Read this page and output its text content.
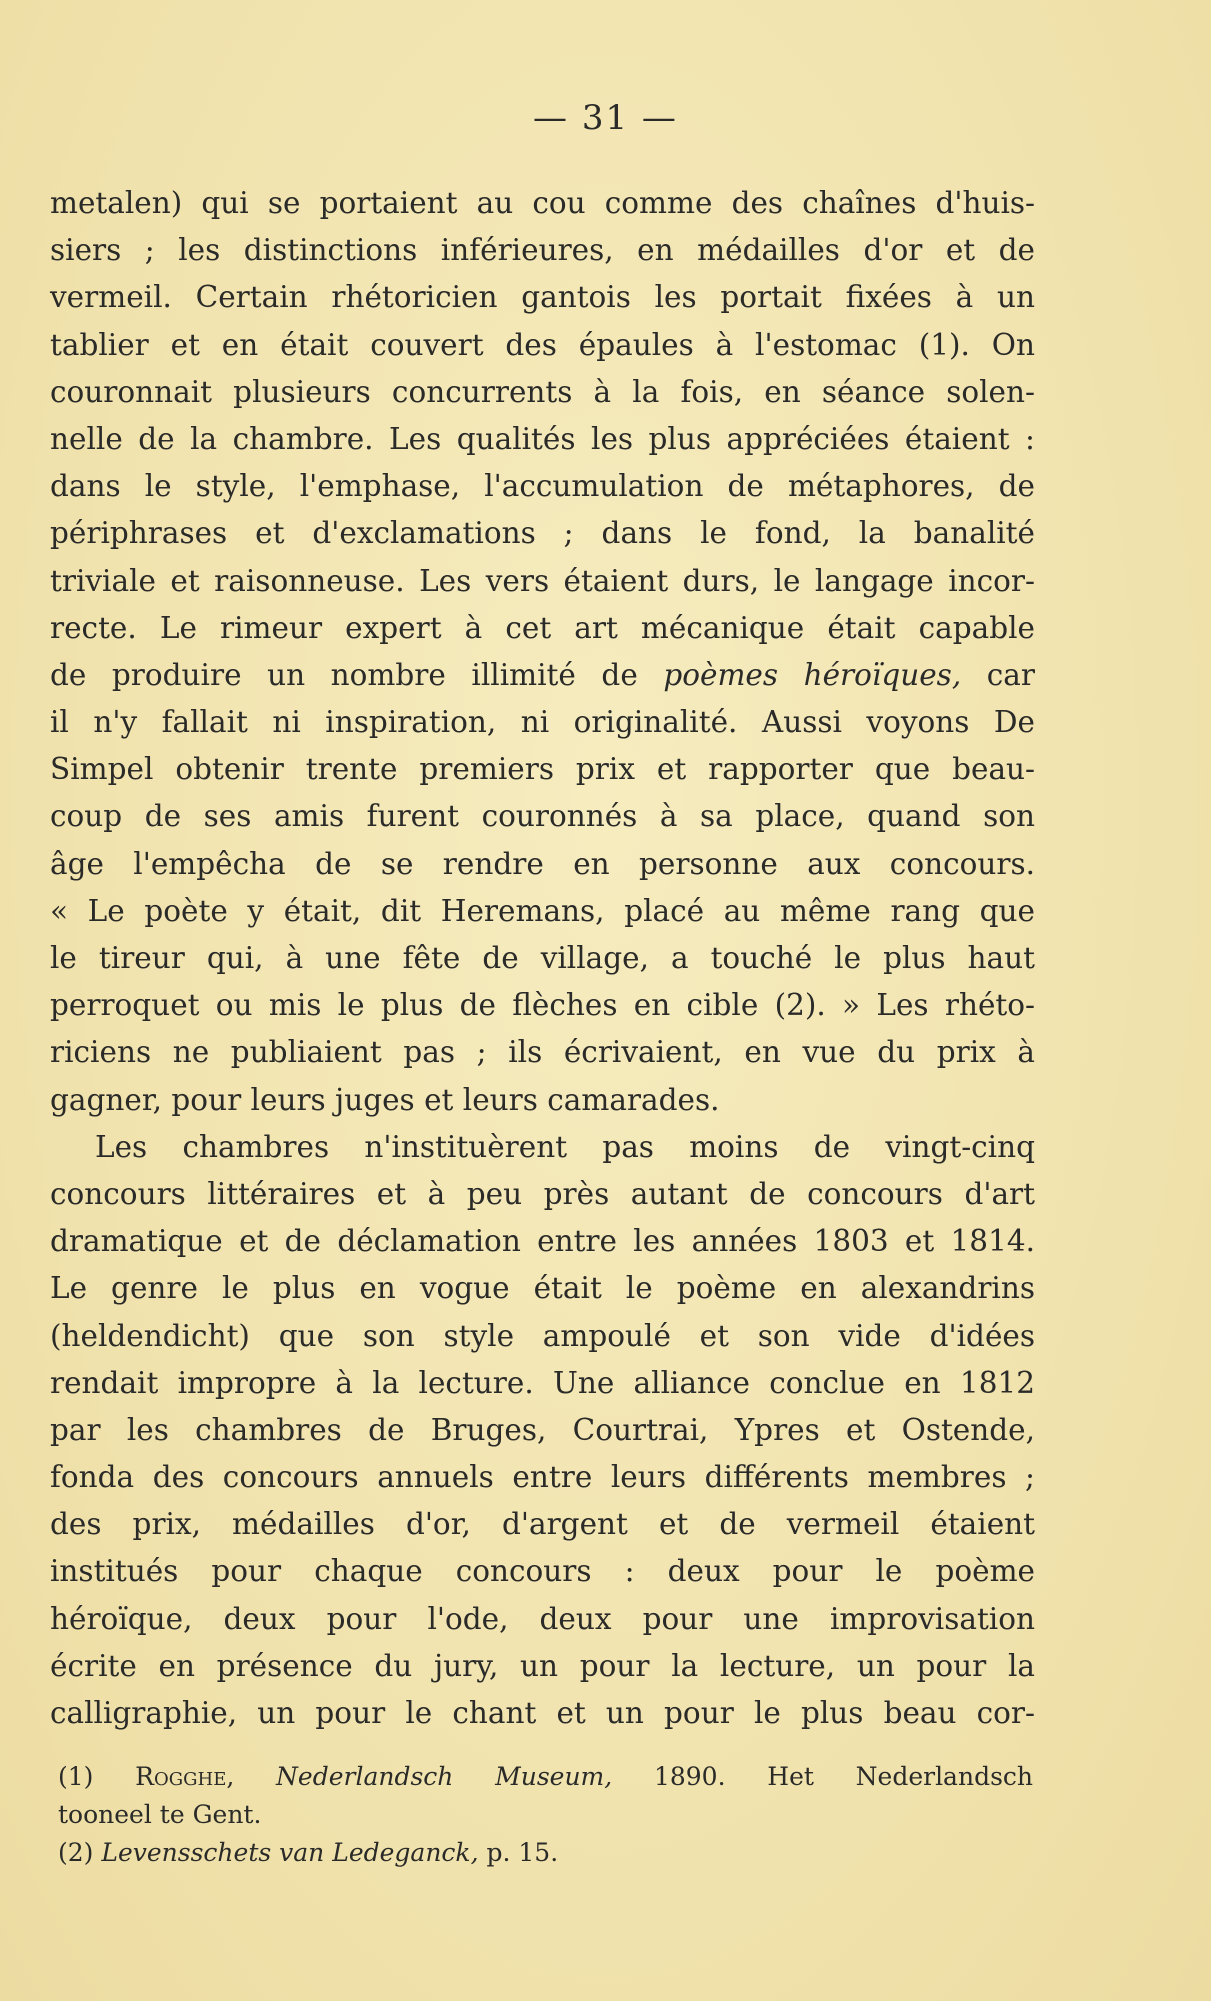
— 31 —
metalen) qui se portaient au cou comme des chaînes d'huis-
siers ; les distinctions inférieures, en médailles d'or et de
vermeil. Certain rhétoricien gantois les portait fixées à un
tablier et en était couvert des épaules à l'estomac (1). On
couronnait plusieurs concurrents à la fois, en séance solen-
nelle de la chambre. Les qualités les plus appréciées étaient :
dans le style, l'emphase, l'accumulation de métaphores, de
périphrases et d'exclamations ; dans le fond, la banalité
triviale et raisonneuse. Les vers étaient durs, le langage incor-
recte. Le rimeur expert à cet art mécanique était capable
de produire un nombre illimité de poèmes héroïques, car
il n'y fallait ni inspiration, ni originalité. Aussi voyons De
Simpel obtenir trente premiers prix et rapporter que beau-
coup de ses amis furent couronnés à sa place, quand son
âge l'empêcha de se rendre en personne aux concours.
« Le poète y était, dit Heremans, placé au même rang que
le tireur qui, à une fête de village, a touché le plus haut
perroquet ou mis le plus de flèches en cible (2). » Les rhéto-
riciens ne publiaient pas ; ils écrivaient, en vue du prix à
gagner, pour leurs juges et leurs camarades.
Les chambres n'instituèrent pas moins de vingt-cinq
concours littéraires et à peu près autant de concours d'art
dramatique et de déclamation entre les années 1803 et 1814.
Le genre le plus en vogue était le poème en alexandrins
(heldendicht) que son style ampoulé et son vide d'idées
rendait impropre à la lecture. Une alliance conclue en 1812
par les chambres de Bruges, Courtrai, Ypres et Ostende,
fonda des concours annuels entre leurs différents membres ;
des prix, médailles d'or, d'argent et de vermeil étaient
institués pour chaque concours : deux pour le poème
héroïque, deux pour l'ode, deux pour une improvisation
écrite en présence du jury, un pour la lecture, un pour la
calligraphie, un pour le chant et un pour le plus beau cor-
(1) Rogghe, Nederlandsch Museum, 1890. Het Nederlandsch
tooneel te Gent.
(2) Levensschets van Ledeganck, p. 15.
